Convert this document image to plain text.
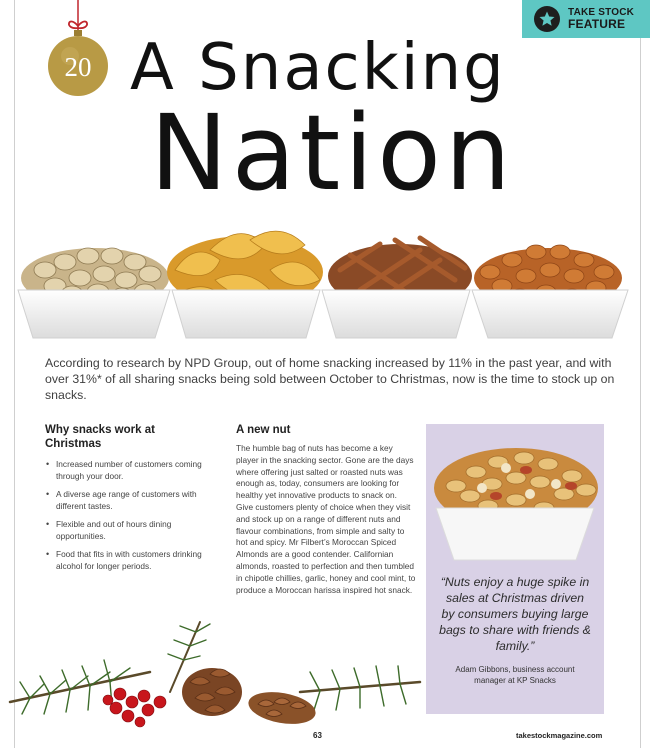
TAKE STOCK
FEATURE
20 A Snacking
Nation

According to research by NPD Group, out of home snacking increased by 11% in the past year, and with over 31%* of all sharing snacks being sold between October to Christmas, now is the time to stock up on snacks.

Why snacks work at
Christmas
• Increased number of customers coming through your door.
• A diverse age range of customers with different tastes.
• Flexible and out of hours dining opportunities.
• Food that fits in with customers drinking alcohol for longer periods.
A new nut

The humble bag of nuts has become a key player in the snacking sector. Gone are the days where offering just salted or roasted nuts was enough as, today, consumers are looking for healthy yet innovative products to snack on. Give customers plenty of choice when they visit and stock up on a range of different nuts and flavour combinations, from simple and salty to hot and spicy. Mr Filbert’s Moroccan Spiced Almonds are a good contender. Californian almonds, roasted to perfection and then tumbled in chipotle chillies, garlic, honey and cool mint, to produce a Moroccan harissa inspired hot snack.

“Nuts enjoy a huge spike in sales at Christmas driven by consumers buying large bags to share with friends & family.”

Adam Gibbons, business account
manager at KP Snacks

63	takestockmagazine.com
